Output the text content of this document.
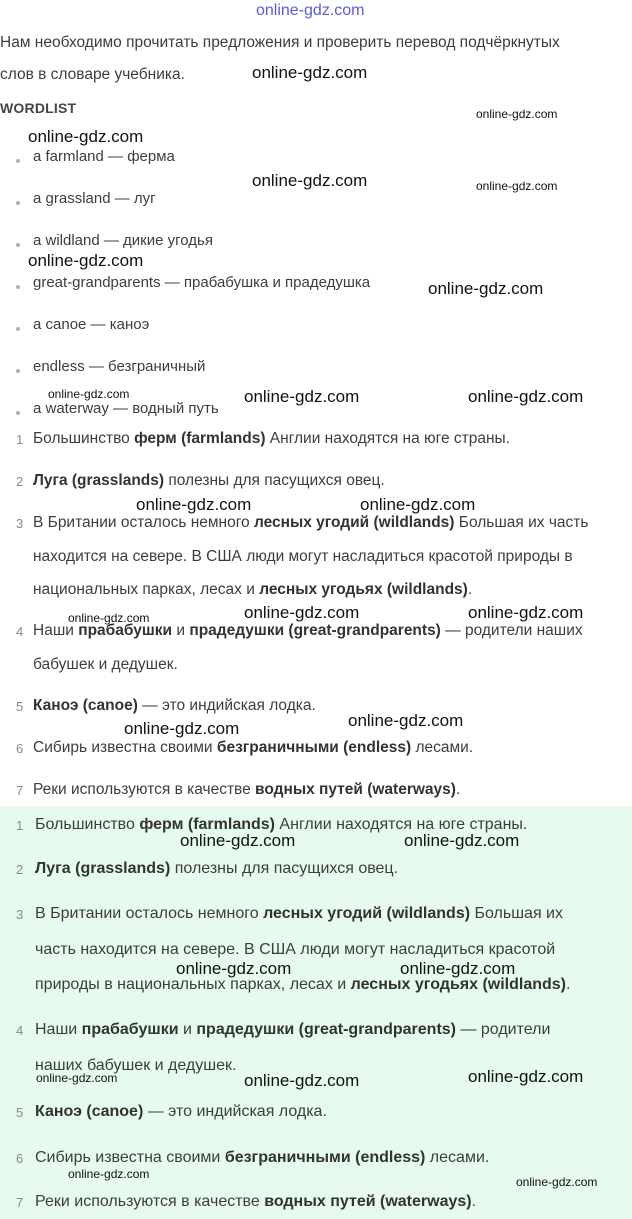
online-gdz.com
Нам необходимо прочитать предложения и проверить перевод подчёркнутых
слов в словаре учебника.
WORDLIST
a farmland — ферма
a grassland — луг
a wildland — дикие угодья
great-grandparents — прабабушка и прадедушка
a canoe — каноэ
endless — безграничный
a waterway — водный путь
1 Большинство ферм (farmlands) Англии находятся на юге страны.
2 Луга (grasslands) полезны для пасущихся овец.
3 В Британии осталось немного лесных угодий (wildlands) Большая их часть
находится на севере. В США люди могут насладиться красотой природы в
национальных парках, лесах и лесных угодьях (wildlands).
4 Наши прабабушки и прадедушки (great-grandparents) — родители наших
бабушек и дедушек.
5 Каноэ (canoe) — это индийская лодка.
6 Сибирь известна своими безграничными (endless) лесами.
7 Реки используются в качестве водных путей (waterways).
1 Большинство ферм (farmlands) Англии находятся на юге страны.
2 Луга (grasslands) полезны для пасущихся овец.
3 В Британии осталось немного лесных угодий (wildlands) Большая их
часть находится на севере. В США люди могут насладиться красотой
природы в национальных парках, лесах и лесных угодьях (wildlands).
4 Наши прабабушки и прадедушки (great-grandparents) — родители
наших бабушек и дедушек.
5 Каноэ (canoe) — это индийская лодка.
6 Сибирь известна своими безграничными (endless) лесами.
7 Реки используются в качестве водных путей (waterways).
online-gdz.com
online-gdz.com
online-gdz.com
online-gdz.com	online-gdz.com
online-gdz.com
online-gdz.com
online-gdz.com	online-gdz.com	online-gdz.com
online-gdz.com	online-gdz.com
online-gdz.com	online-gdz.com	online-gdz.com
online-gdz.com	online-gdz.com
online-gdz.com	online-gdz.com
online-gdz.com	online-gdz.com
online-gdz.com	online-gdz.com	online-gdz.com
online-gdz.com
online-gdz.com
